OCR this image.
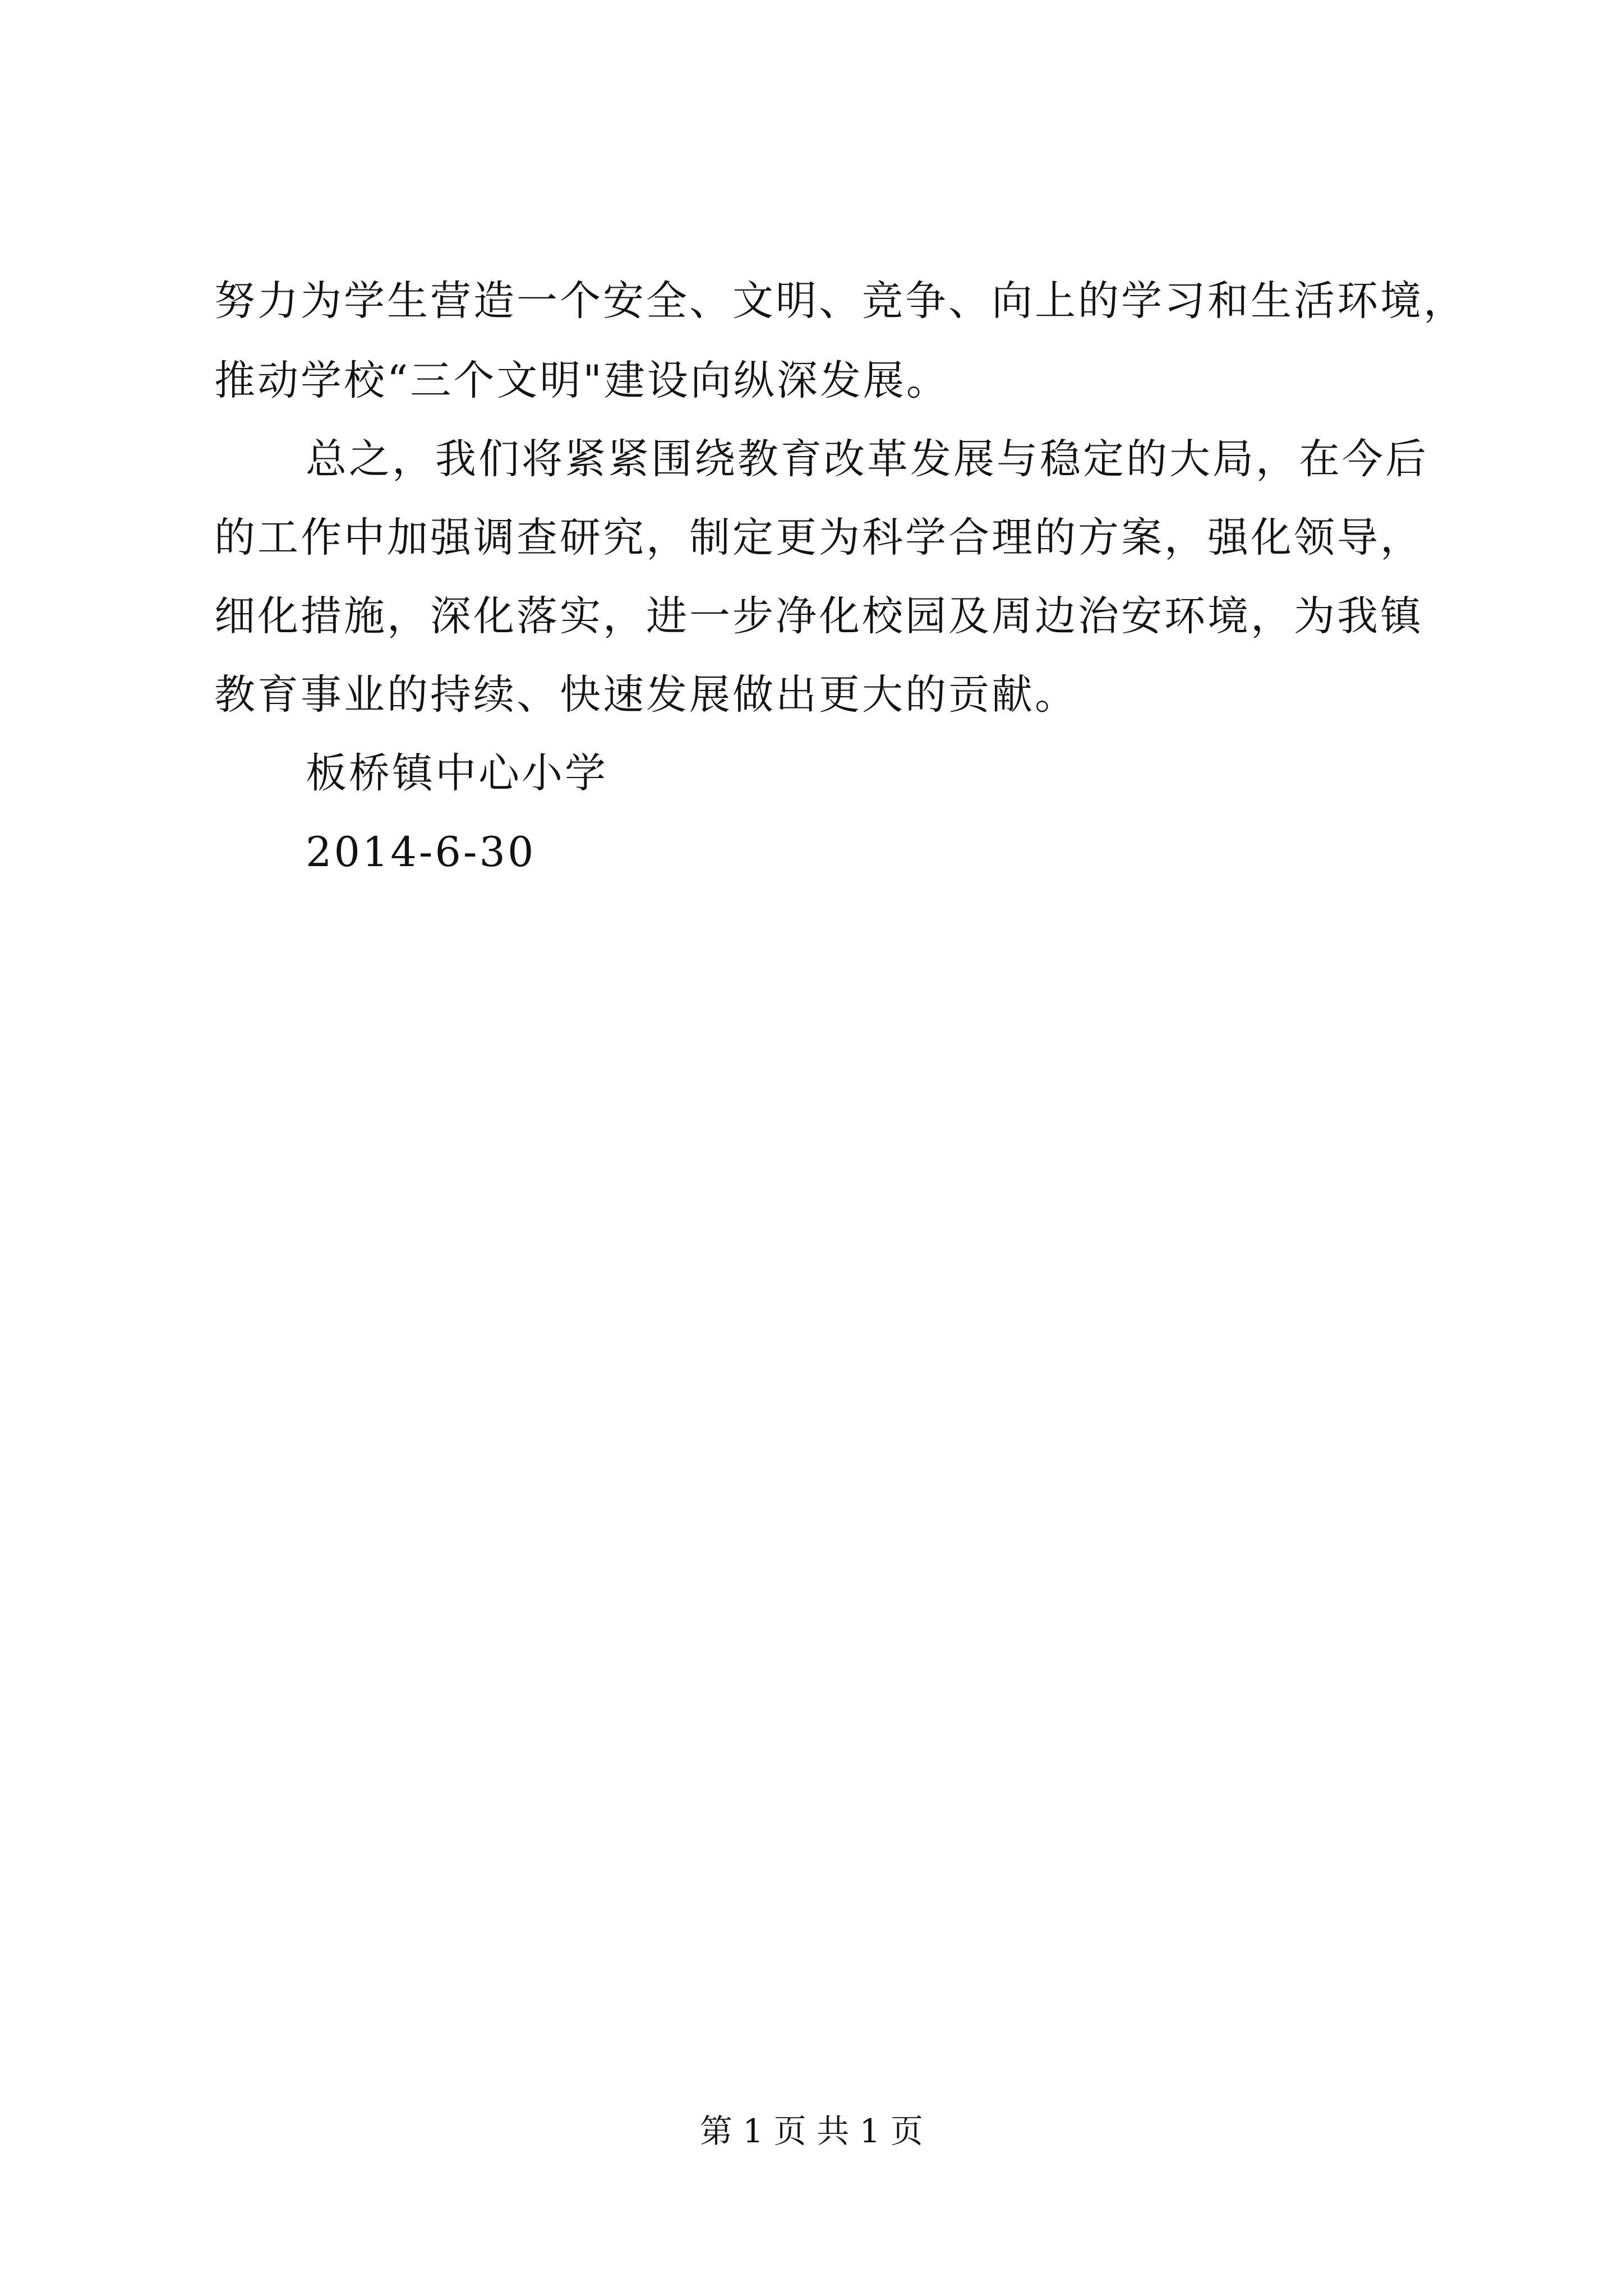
努力为学生营造一个安全、文明、竞争、向上的学习和生活环境，
推动学校“三个文明"建设向纵深发展。
总之，我们将紧紧围绕教育改革发展与稳定的大局，在今后
的工作中加强调查研究，制定更为科学合理的方案，强化领导，
细化措施，深化落实，进一步净化校园及周边治安环境，为我镇
教育事业的持续、快速发展做出更大的贡献。
板桥镇中心小学
2014-6-30
第 1 页 共 1 页
